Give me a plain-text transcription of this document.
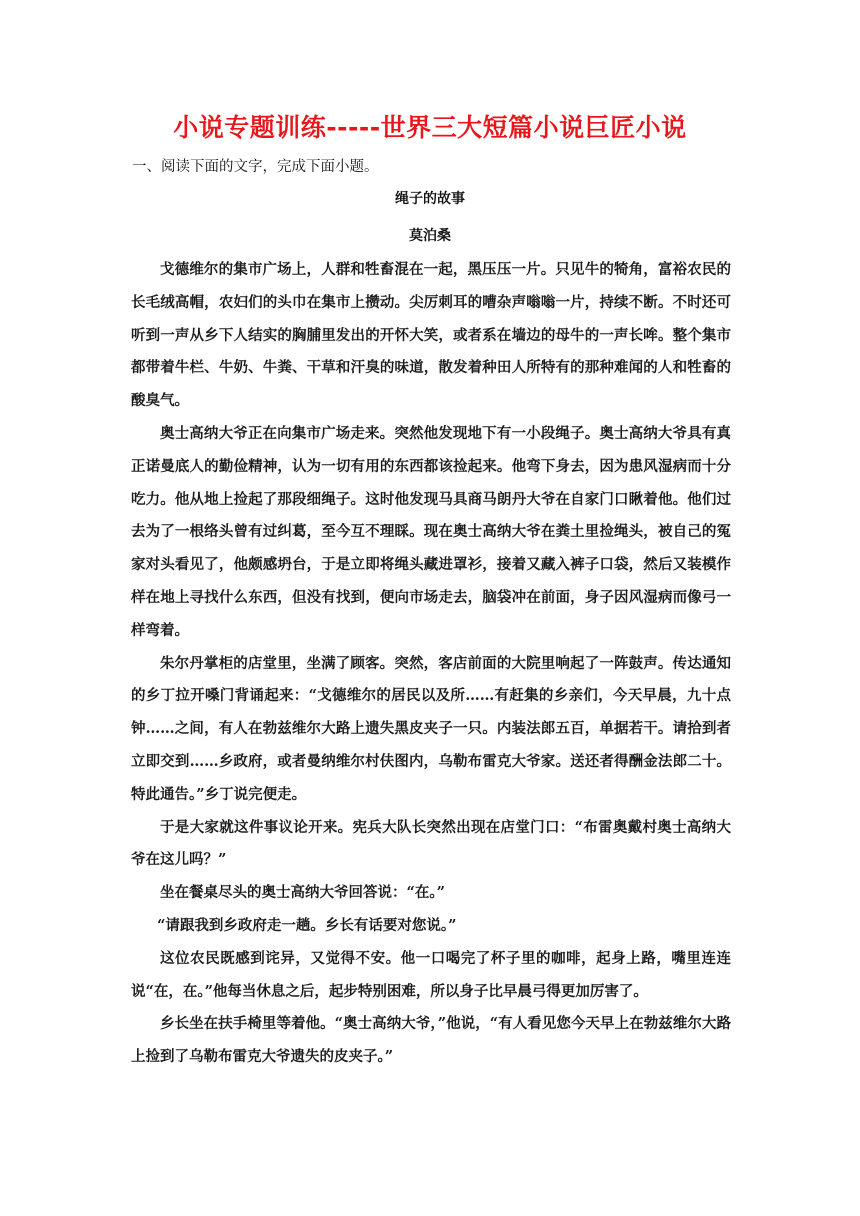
小说专题训练-----世界三大短篇小说巨匠小说
一、阅读下面的文字，完成下面小题。
绳子的故事
莫泊桑

戈德维尔的集市广场上，人群和牲畜混在一起，黑压压一片。只见牛的犄角，富裕农民的长毛绒高帽，农妇们的头巾在集市上攒动。尖厉刺耳的嘈杂声嗡嗡一片，持续不断。不时还可听到一声从乡下人结实的胸脯里发出的开怀大笑，或者系在墙边的母牛的一声长哞。整个集市都带着牛栏、牛奶、牛粪、干草和汗臭的味道，散发着种田人所特有的那种难闻的人和牲畜的酸臭气。

奥士高纳大爷正在向集市广场走来。突然他发现地下有一小段绳子。奥士高纳大爷具有真正诺曼底人的勤俭精神，认为一切有用的东西都该捡起来。他弯下身去，因为患风湿病而十分吃力。他从地上捡起了那段细绳子。这时他发现马具商马朗丹大爷在自家门口瞅着他。他们过去为了一根络头曾有过纠葛，至今互不理睬。现在奥士高纳大爷在粪土里捡绳头，被自己的冤家对头看见了，他颇感坍台，于是立即将绳头藏进罩衫，接着又藏入裤子口袋，然后又装模作样在地上寻找什么东西，但没有找到，便向市场走去，脑袋冲在前面，身子因风湿病而像弓一样弯着。

朱尔丹掌柜的店堂里，坐满了顾客。突然，客店前面的大院里响起了一阵鼓声。传达通知的乡丁拉开嗓门背诵起来：“戈德维尔的居民以及所……有赶集的乡亲们，今天早晨，九十点钟……之间，有人在勃兹维尔大路上遗失黑皮夹子一只。内装法郎五百，单据若干。请拾到者立即交到……乡政府，或者曼纳维尔村伕图内，乌勒布雷克大爷家。送还者得酬金法郎二十。特此通告。”乡丁说完便走。

于是大家就这件事议论开来。宪兵大队长突然出现在店堂门口：“布雷奥戴村奥士高纳大爷在这儿吗？”

坐在餐桌尽头的奥士高纳大爷回答说：“在。”

“请跟我到乡政府走一趟。乡长有话要对您说。”

这位农民既感到诧异，又觉得不安。他一口喝完了杯子里的咖啡，起身上路，嘴里连连说“在，在。”他每当休息之后，起步特别困难，所以身子比早晨弓得更加厉害了。

乡长坐在扶手椅里等着他。“奥士高纳大爷，”他说，“有人看见您今天早上在勃兹维尔大路上捡到了乌勒布雷克大爷遗失的皮夹子。”
